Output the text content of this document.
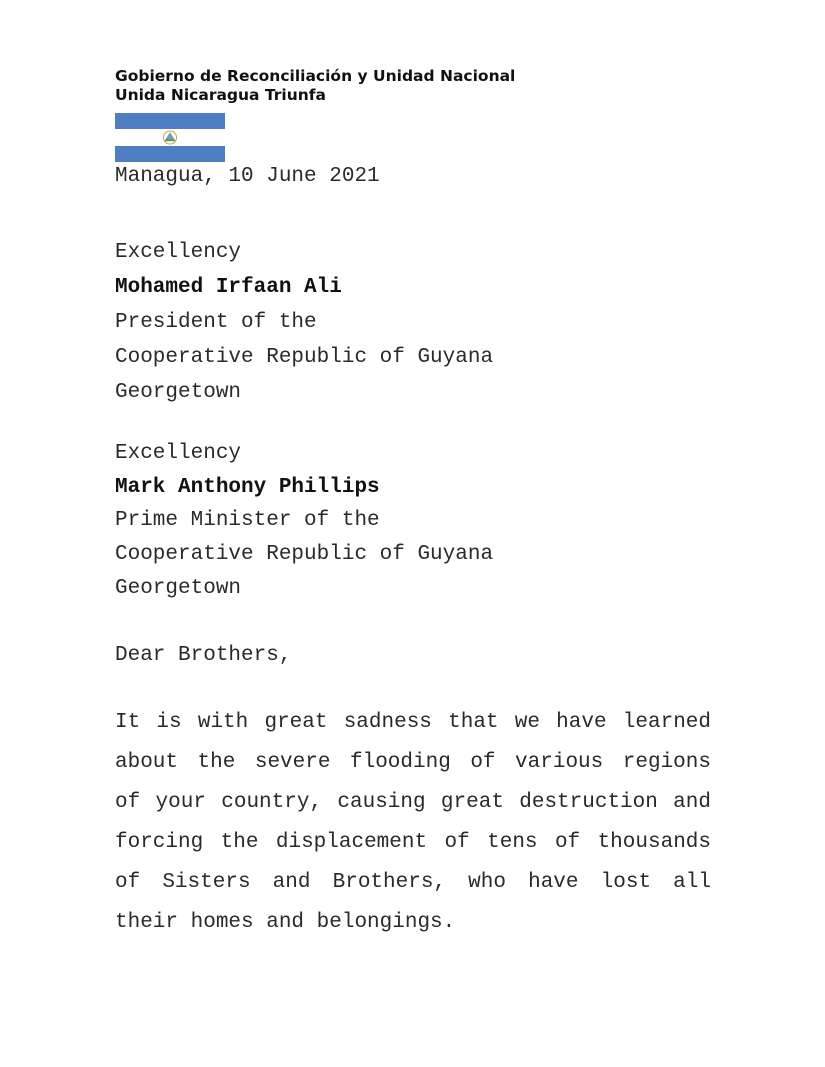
Gobierno de Reconciliación y Unidad Nacional
Unida Nicaragua Triunfa
Managua, 10 June 2021
Excellency
Mohamed Irfaan Ali
President of the
Cooperative Republic of Guyana
Georgetown
Excellency
Mark Anthony Phillips
Prime Minister of the
Cooperative Republic of Guyana
Georgetown
Dear Brothers,
It is with great sadness that we have learned
about the severe flooding of various regions
of your country, causing great destruction and
forcing the displacement of tens of thousands
of Sisters and Brothers, who have lost all
their homes and belongings.
